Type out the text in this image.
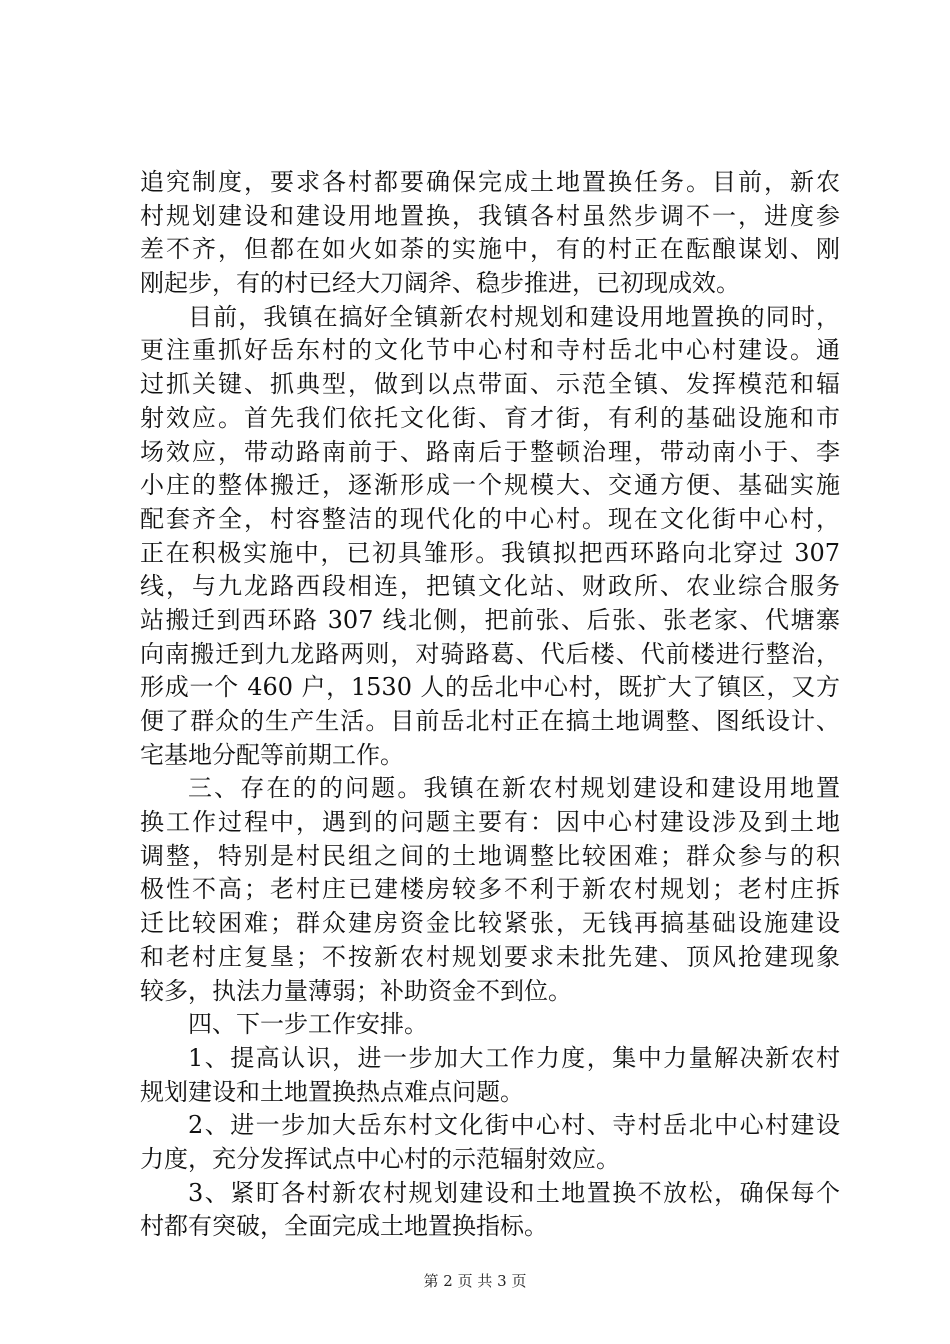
追究制度，要求各村都要确保完成土地置换任务。目前，新农
村规划建设和建设用地置换，我镇各村虽然步调不一，进度参
差不齐，但都在如火如荼的实施中，有的村正在酝酿谋划、刚
刚起步，有的村已经大刀阔斧、稳步推进，已初现成效。
目前，我镇在搞好全镇新农村规划和建设用地置换的同时，
更注重抓好岳东村的文化节中心村和寺村岳北中心村建设。通
过抓关键、抓典型，做到以点带面、示范全镇、发挥模范和辐
射效应。首先我们依托文化街、育才街，有利的基础设施和市
场效应，带动路南前于、路南后于整顿治理，带动南小于、李
小庄的整体搬迁，逐渐形成一个规模大、交通方便、基础实施
配套齐全，村容整洁的现代化的中心村。现在文化街中心村，
正在积极实施中，已初具雏形。我镇拟把西环路向北穿过 307
线，与九龙路西段相连，把镇文化站、财政所、农业综合服务
站搬迁到西环路 307 线北侧，把前张、后张、张老家、代塘寨
向南搬迁到九龙路两则，对骑路葛、代后楼、代前楼进行整治，
形成一个 460 户，1530 人的岳北中心村，既扩大了镇区，又方
便了群众的生产生活。目前岳北村正在搞土地调整、图纸设计、
宅基地分配等前期工作。
三、存在的的问题。我镇在新农村规划建设和建设用地置
换工作过程中，遇到的问题主要有：因中心村建设涉及到土地
调整，特别是村民组之间的土地调整比较困难；群众参与的积
极性不高；老村庄已建楼房较多不利于新农村规划；老村庄拆
迁比较困难；群众建房资金比较紧张，无钱再搞基础设施建设
和老村庄复垦；不按新农村规划要求未批先建、顶风抢建现象
较多，执法力量薄弱；补助资金不到位。
四、下一步工作安排。
1、提高认识，进一步加大工作力度，集中力量解决新农村
规划建设和土地置换热点难点问题。
2、进一步加大岳东村文化街中心村、寺村岳北中心村建设
力度，充分发挥试点中心村的示范辐射效应。
3、紧盯各村新农村规划建设和土地置换不放松，确保每个
村都有突破，全面完成土地置换指标。
第 2 页 共 3 页
